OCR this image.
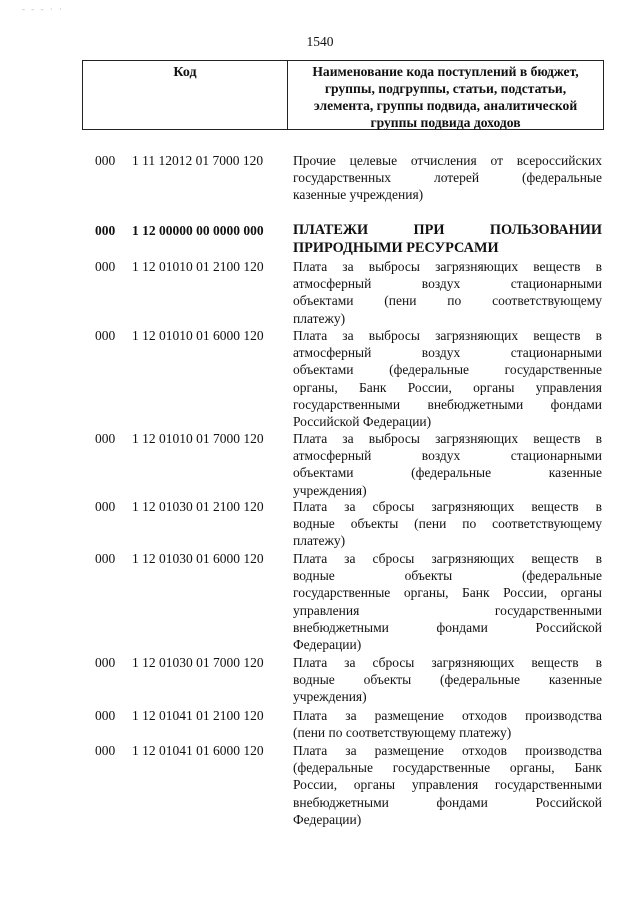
- - - · ·
1540
Код	Наименование кода поступлений в бюджет, группы, подгруппы, статьи, подстатьи, элемента, группы подвида, аналитической группы подвида доходов
000 1 11 12012 01 7000 120 Прочие целевые отчисления от всероссийских
государственных лотерей (федеральные
казенные учреждения)
000 1 12 00000 00 0000 000 ПЛАТЕЖИ ПРИ ПОЛЬЗОВАНИИ
ПРИРОДНЫМИ РЕСУРСАМИ
000 1 12 01010 01 2100 120 Плата за выбросы загрязняющих веществ в
атмосферный воздух стационарными
объектами (пени по соответствующему
платежу)
000 1 12 01010 01 6000 120 Плата за выбросы загрязняющих веществ в
атмосферный воздух стационарными
объектами (федеральные государственные
органы, Банк России, органы управления
государственными внебюджетными фондами
Российской Федерации)
000 1 12 01010 01 7000 120 Плата за выбросы загрязняющих веществ в
атмосферный воздух стационарными
объектами (федеральные казенные
учреждения)
000 1 12 01030 01 2100 120 Плата за сбросы загрязняющих веществ в
водные объекты (пени по соответствующему
платежу)
000 1 12 01030 01 6000 120 Плата за сбросы загрязняющих веществ в
водные объекты (федеральные
государственные органы, Банк России, органы
управления государственными
внебюджетными фондами Российской
Федерации)
000 1 12 01030 01 7000 120 Плата за сбросы загрязняющих веществ в
водные объекты (федеральные казенные
учреждения)
000 1 12 01041 01 2100 120 Плата за размещение отходов производства
(пени по соответствующему платежу)
000 1 12 01041 01 6000 120 Плата за размещение отходов производства
(федеральные государственные органы, Банк
России, органы управления государственными
внебюджетными фондами Российской
Федерации)
